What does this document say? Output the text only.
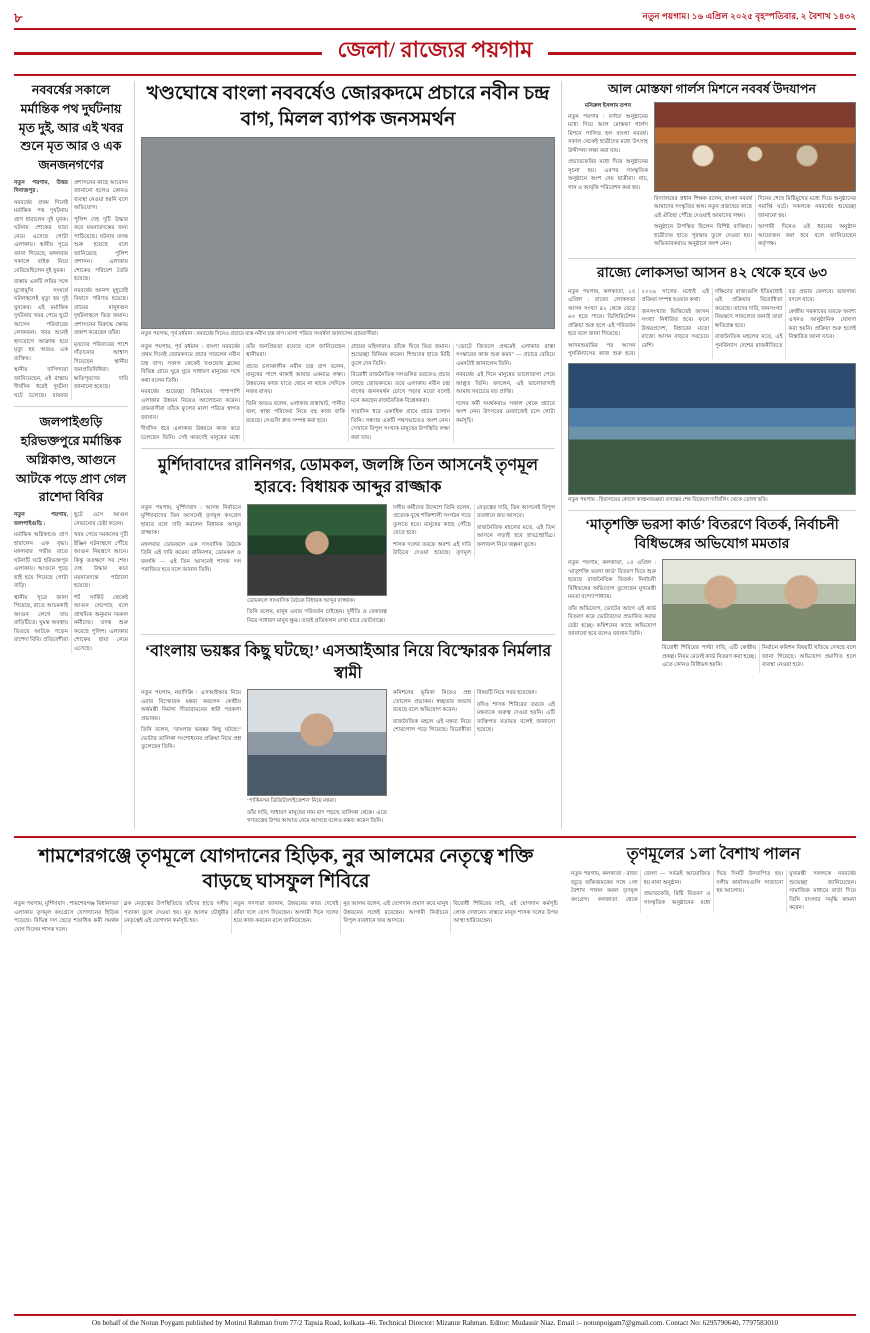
৮	নতুন পয়গাম। ১৬ এপ্রিল ২০২৫ বৃহস্পতিবার, ২ বৈশাখ ১৪৩২
জেলা/ রাজ্যের পয়গাম
নববর্ষের সকালে মর্মান্তিক পথ দুর্ঘটনায় মৃত দুই, আর এই খবর শুনে মৃত আর ও এক জনজনগণের

নতুন পয়গাম, উত্তর দিনাজপুর :

নববর্ষের প্রথম দিনেই মর্মান্তিক পথ দুর্ঘটনায় প্রাণ হারালেন দুই যুবক। ঘটনায় শোকের ছায়া নেমে এসেছে গোটা এলাকায়। স্থানীয় সূত্রে জানা গিয়েছে, মঙ্গলবার সকালে বাইক নিয়ে বেরিয়েছিলেন দুই যুবক।

রাস্তায় একটি লরির সঙ্গে মুখোমুখি সংঘর্ষে ঘটনাস্থলেই মৃত্যু হয় দুই যুবকের। এই মর্মান্তিক দুর্ঘটনার খবর পেয়ে ছুটে আসেন পরিবারের লোকজন। খবর শুনেই হৃদরোগে আক্রান্ত হয়ে মৃত্যু হয় আরও এক ব্যক্তির।

স্থানীয় বাসিন্দারা জানিয়েছেন, ওই রাস্তায় দীর্ঘদিন ধরেই দুর্ঘটনা ঘটে চলেছে। বারবার প্রশাসনের কাছে আবেদন জানানো হলেও কোনও ব্যবস্থা নেওয়া হয়নি বলে অভিযোগ।

পুলিশ দেহ দুটি উদ্ধার করে ময়নাতদন্তের জন্য পাঠিয়েছে। ঘটনার তদন্ত শুরু হয়েছে বলে জানিয়েছে পুলিশ প্রশাসন। এলাকায় শোকের পরিবেশ তৈরি হয়েছে।

নববর্ষের আনন্দ মুহূর্তেই বিষাদে পরিণত হয়েছে। গ্রামের মানুষজন দুর্ঘটনাস্থলে ভিড় জমান। প্রশাসনের বিরুদ্ধে ক্ষোভ প্রকাশ করেছেন তাঁরা।

মৃতদের পরিবারের পাশে দাঁড়ানোর আশ্বাস দিয়েছেন স্থানীয় জনপ্রতিনিধিরা। ক্ষতিপূরণের দাবি জানানো হয়েছে।

জলপাইগুড়ি হরিভক্তপুরে মর্মান্তিক অগ্নিকাণ্ড, আগুনে আটকে পড়ে প্রাণ গেল রাশেদা বিবির

নতুন পয়গাম, জলপাইগুড়ি :

মর্মান্তিক অগ্নিকাণ্ডে প্রাণ হারালেন এক বৃদ্ধা। মঙ্গলবার গভীর রাতে ঘটনাটি ঘটে হরিভক্তপুর এলাকায়। আগুনে পুড়ে ছাই হয়ে গিয়েছে গোটা বাড়ি।

স্থানীয় সূত্রে জানা গিয়েছে, রাতে আচমকাই আগুন লেগে যায় বাড়িটিতে। ঘুমন্ত অবস্থায় ভিতরে আটকে পড়েন রাশেদা বিবি। প্রতিবেশীরা ছুটে এসে আগুন নেভানোর চেষ্টা করেন।

খবর পেয়ে দমকলের দুটি ইঞ্জিন ঘটনাস্থলে পৌঁছে আগুন নিয়ন্ত্রণে আনে। কিন্তু ততক্ষণে সব শেষ। দেহ উদ্ধার করে ময়নাতদন্তে পাঠানো হয়েছে।

শর্ট সার্কিট থেকেই আগুন লেগেছে বলে প্রাথমিক অনুমান দমকল কর্মীদের। তদন্ত শুরু করেছে পুলিশ। এলাকায় শোকের ছায়া নেমে এসেছে।

খণ্ডঘোষে বাংলা নববর্ষেও জোরকদমে প্রচারে নবীন চন্দ্র বাগ, মিলল ব্যাপক জনসমর্থন
নতুন পয়গাম, পূর্ব বর্ধমান : নববর্ষের দিনেও প্রচারে ব্যস্ত নবীন চন্দ্র বাগ। মালা পরিয়ে সংবর্ধনা জানালেন গ্রামবাসীরা।

নতুন পয়গাম, পূর্ব বর্ধমান : বাংলা নববর্ষের প্রথম দিনেই জোরকদমে প্রচার সারলেন নবীন চন্দ্র বাগ। সকাল থেকেই খণ্ডঘোষ ব্লকের বিভিন্ন গ্রামে ঘুরে ঘুরে সাধারণ মানুষের সঙ্গে কথা বলেন তিনি।

নববর্ষের শুভেচ্ছা বিনিময়ের পাশাপাশি এলাকার উন্নয়ন নিয়েও আলোচনা করেন। গ্রামবাসীরা তাঁকে ফুলের মালা পরিয়ে স্বাগত জানান।

দীর্ঘদিন ধরে এলাকার উন্নয়নে কাজ করে চলেছেন তিনি। সেই কারণেই মানুষের মধ্যে তাঁর জনপ্রিয়তা রয়েছে বলে জানিয়েছেন স্থানীয়রা।

প্রচার চলাকালীন নবীন চন্দ্র বাগ বলেন, মানুষের পাশে থাকাই আমার একমাত্র লক্ষ্য। উন্নয়নের কাজ যাতে থেমে না থাকে সেদিকে নজর রাখব।

তিনি আরও বলেন, এলাকার রাস্তাঘাট, পানীয় জল, স্বাস্থ্য পরিষেবা নিয়ে বহু কাজ বাকি রয়েছে। সেগুলি দ্রুত সম্পন্ন করা হবে।

গ্রামের মহিলারাও তাঁকে ঘিরে ভিড় জমান। শুভেচ্ছা বিনিময় করেন। শিশুদের হাতে মিষ্টি তুলে দেন তিনি।

বিরোধী রাজনৈতিক দলগুলির তরফেও প্রচার চলছে জোরকদমে। তবে এলাকায় নবীন চন্দ্র বাগের জনসমর্থন চোখে পড়ার মতো বলেই মনে করছেন রাজনৈতিক বিশ্লেষকরা।

সারাদিন ধরে একাধিক গ্রামে প্রচার চালান তিনি। সন্ধ্যায় একটি পথসভাতেও অংশ নেন। সেখানে বিপুল সংখ্যক মানুষের উপস্থিতি লক্ষ্য করা যায়।

"ভোটে জিতলে প্রথমেই এলাকার রাস্তা সংস্কারের কাজ শুরু করব" — প্রচারে বেরিয়ে এমনটাই জানালেন তিনি।

নববর্ষের এই দিনে মানুষের ভালোবাসা পেয়ে আপ্লুত তিনি। বললেন, এই ভালোবাসাই আমার সবচেয়ে বড় প্রাপ্তি।

দলের কর্মী সমর্থকরাও সকাল থেকে প্রচারে অংশ নেন। উৎসবের মেজাজেই চলে গোটা কর্মসূচি।

মুর্শিদাবাদের রানিনগর, ডোমকল, জলঙ্গি তিন আসনেই তৃণমূল হারবে: বিধায়ক আব্দুর রাজ্জাক

নতুন পয়গাম, মুর্শিদাবাদ : আসন্ন নির্বাচনে মুর্শিদাবাদের তিন আসনেই তৃণমূল কংগ্রেস হারবে বলে দাবি করলেন বিধায়ক আব্দুর রাজ্জাক।

মঙ্গলবার ডোমকলে এক সাংবাদিক বৈঠকে তিনি এই দাবি করেন। রানিনগর, ডোমকল ও জলঙ্গি — এই তিন আসনেই শাসক দল পরাজিত হবে বলে জানান তিনি।

ডোমকলে সাংবাদিক বৈঠকে বিধায়ক আব্দুর রাজ্জাক।

তিনি বলেন, মানুষ এবার পরিবর্তন চাইছেন। দুর্নীতি ও বেকারত্ব নিয়ে সাধারণ মানুষ ক্ষুব্ধ। তারই প্রতিফলন দেখা যাবে ভোটবাক্সে।

দলীয় কর্মীদের উদ্দেশে তিনি বলেন, প্রত্যেক বুথে শক্তিশালী সংগঠন গড়ে তুলতে হবে। মানুষের কাছে পৌঁছে যেতে হবে।

শাসক দলের তরফে অবশ্য এই দাবি উড়িয়ে দেওয়া হয়েছে। তৃণমূল নেতৃত্বের দাবি, তিন আসনেই বিপুল ব্যবধানে জয় আসবে।

রাজনৈতিক মহলের মতে, এই তিন আসনে লড়াই হবে হাড্ডাহাড্ডি। ফলাফল নিয়ে জল্পনা তুঙ্গে।

‘বাংলায় ভয়ঙ্কর কিছু ঘটছে!’ এসআইআর নিয়ে বিস্ফোরক নির্মলার স্বামী

নতুন পয়গাম, নয়াদিল্লি : এসআইআর নিয়ে এবার বিস্ফোরক মন্তব্য করলেন কেন্দ্রীয় অর্থমন্ত্রী নির্মলা সীতারামনের স্বামী পরকলা প্রভাকর।

তিনি বলেন, "বাংলায় ভয়ঙ্কর কিছু ঘটছে।" ভোটার তালিকা সংশোধনের প্রক্রিয়া নিয়ে প্রশ্ন তুলেছেন তিনি।

‘পার্কিনসন ডিজিটালাইজেশন’ নিয়ে মন্তব্য।

তাঁর দাবি, সাধারণ মানুষের নাম বাদ পড়ছে তালিকা থেকে। এতে গণতন্ত্রের উপর আঘাত নেমে আসছে বলেও মন্তব্য করেন তিনি।

কমিশনের ভূমিকা নিয়েও প্রশ্ন তোলেন প্রভাকর। স্বচ্ছতার অভাব রয়েছে বলে অভিযোগ করেন।

রাজনৈতিক মহলে এই মন্তব্য নিয়ে শোরগোল পড়ে গিয়েছে। বিরোধীরা বিষয়টি নিয়ে সরব হয়েছেন।

যদিও শাসক শিবিরের তরফে এই মন্তব্যকে গুরুত্ব দেওয়া হয়নি। এটি ব্যক্তিগত মতামত বলেই জানানো হয়েছে।

আল মোস্তফা গার্লস মিশনে নববর্ষ উদযাপন
মনিরুল ইসলাম তপন

নতুন পয়গাম : বর্ণাঢ্য অনুষ্ঠানের মধ্যে দিয়ে আল মোস্তফা গার্লস মিশনে পালিত হল বাংলা নববর্ষ। সকাল থেকেই ছাত্রীদের মধ্যে উৎসাহ উদ্দীপনা লক্ষ্য করা যায়।

প্রভাতফেরির মধ্যে দিয়ে অনুষ্ঠানের সূচনা হয়। এরপর সাংস্কৃতিক অনুষ্ঠানে অংশ নেয় ছাত্রীরা। নাচ, গান ও আবৃত্তি পরিবেশন করা হয়।

বিদ্যালয়ের প্রধান শিক্ষক বলেন, বাংলা নববর্ষ আমাদের সংস্কৃতির অঙ্গ। নতুন প্রজন্মের কাছে এই ঐতিহ্য পৌঁছে দেওয়াই আমাদের লক্ষ্য।

অনুষ্ঠানে উপস্থিত ছিলেন বিশিষ্ট ব্যক্তিরা। ছাত্রীদের হাতে পুরস্কার তুলে দেওয়া হয়। অভিভাবকরাও অনুষ্ঠানে অংশ নেন।

দিনের শেষে মিষ্টিমুখের মধ্যে দিয়ে অনুষ্ঠানের সমাপ্তি ঘটে। সকলকে নববর্ষের শুভেচ্ছা জানানো হয়।

আগামী দিনেও এই ধরনের অনুষ্ঠান আয়োজন করা হবে বলে জানিয়েছেন কর্তৃপক্ষ।

রাজ্যে লোকসভা আসন ৪২ থেকে হবে ৬৩

নতুন পয়গাম, কলকাতা, ১৫ এপ্রিল : রাজ্যে লোকসভা আসন সংখ্যা ৪২ থেকে বেড়ে ৬৩ হতে পারে। ডিলিমিটেশন প্রক্রিয়া শুরু হলে এই পরিবর্তন হবে বলে জানা গিয়েছে।

আদমশুমারির পর আসন পুনর্বিন্যাসের কাজ শুরু হবে। ২০২৬ সালের মধ্যেই এই প্রক্রিয়া সম্পন্ন হওয়ার কথা।

জনসংখ্যার ভিত্তিতেই আসন সংখ্যা নির্ধারিত হবে। ফলে উত্তরপ্রদেশ, বিহারের মতো রাজ্যে আসন বাড়বে সবচেয়ে বেশি।

দক্ষিণের রাজ্যগুলি ইতিমধ্যেই এই প্রক্রিয়ার বিরোধিতা করেছে। তাদের দাবি, জনসংখ্যা নিয়ন্ত্রণে সাফল্যের জন্যই তারা ক্ষতিগ্রস্ত হবে।

রাজনৈতিক মহলের মতে, এই পুনর্বিন্যাস দেশের রাজনীতিতে বড় প্রভাব ফেলবে। ভারসাম্য বদলে যাবে।

কেন্দ্রীয় সরকারের তরফে অবশ্য এখনও আনুষ্ঠানিক ঘোষণা করা হয়নি। প্রক্রিয়া শুরু হলেই বিস্তারিত জানা যাবে।

নতুন পয়গাম : হিমালয়ের কোলে কাঞ্চনজঙ্ঘা। বসন্তের শেষ বিকেলে দার্জিলিং থেকে তোলা ছবি।
‘মাতৃশক্তি ভরসা কার্ড’ বিতরণে বিতর্ক, নির্বাচনী বিধিভঙ্গের অভিযোগ মমতার

নতুন পয়গাম, কলকাতা, ১৫ এপ্রিল : ‘মাতৃশক্তি ভরসা কার্ড’ বিতরণ ঘিরে শুরু হয়েছে রাজনৈতিক বিতর্ক। নির্বাচনী বিধিভঙ্গের অভিযোগ তুলেছেন মুখ্যমন্ত্রী মমতা বন্দ্যোপাধ্যায়।

তাঁর অভিযোগ, ভোটের আগে এই কার্ড বিতরণ করে ভোটারদের প্রভাবিত করার চেষ্টা হচ্ছে। কমিশনের কাছে অভিযোগ জানানো হবে বলেও জানান তিনি।

বিরোধী শিবিরের পাল্টা দাবি, এটি কেন্দ্রীয় প্রকল্প। নিয়ম মেনেই কার্ড বিতরণ করা হচ্ছে। এতে কোনও বিধিভঙ্গ হয়নি।

নির্বাচন কমিশন বিষয়টি খতিয়ে দেখছে বলে জানা গিয়েছে। অভিযোগ প্রমাণিত হলে ব্যবস্থা নেওয়া হবে।

শামশেরগঞ্জে তৃণমূলে যোগদানের হিড়িক, নুর আলমের নেতৃত্বে শক্তি বাড়ছে ঘাসফুল শিবিরে

নতুন পয়গাম, মুর্শিদাবাদ : শামশেরগঞ্জ বিধানসভা এলাকায় তৃণমূল কংগ্রেসে যোগদানের হিড়িক পড়েছে। বিভিন্ন দল ছেড়ে শতাধিক কর্মী সমর্থক যোগ দিলেন শাসক দলে।

ব্লক নেতৃত্বের উপস্থিতিতে তাঁদের হাতে দলীয় পতাকা তুলে দেওয়া হয়। নুর আলম চৌধুরীর নেতৃত্বেই এই যোগদান কর্মসূচি হয়।

নতুন সদস্যরা জানান, উন্নয়নের কাজ দেখেই তাঁরা দলে যোগ দিয়েছেন। আগামী দিনে দলের হয়ে কাজ করবেন বলে জানিয়েছেন।

নুর আলম বলেন, এই যোগদান প্রমাণ করে মানুষ উন্নয়নের সঙ্গেই রয়েছেন। আগামী নির্বাচনে বিপুল ব্যবধানে জয় আসবে।

বিরোধী শিবিরের দাবি, এই যোগদান কর্মসূচি লোক দেখানো। বাস্তবে মানুষ শাসক দলের উপর আস্থা হারিয়েছেন।

তৃণমূলের ১লা বৈশাখ পালন

নতুন পয়গাম, কলকাতা : রাজ্য জুড়ে জাঁকজমকের সঙ্গে ১লা বৈশাখ পালন করল তৃণমূল কংগ্রেস। কলকাতা থেকে জেলা — সর্বত্রই আয়োজিত হয় নানা অনুষ্ঠান।

প্রভাতফেরি, মিষ্টি বিতরণ ও সাংস্কৃতিক অনুষ্ঠানের মধ্যে দিয়ে দিনটি উদযাপিত হয়। দলীয় কার্যালয়গুলি সাজানো হয় আলোয়।

মুখ্যমন্ত্রী সকলকে নববর্ষের শুভেচ্ছা জানিয়েছেন। সামাজিক মাধ্যমে বার্তা দিয়ে তিনি বাংলার সমৃদ্ধি কামনা করেন।

On behalf of the Notun Poygam published by Motirul Rahman from 77/2 Tapsia Road, kolkata–46. Technical Director: Mizanur Rahman. Editor: Mudassir Niaz. Email :– notunpoigam7@gmail.com. Contact No: 6295790640, 7797583010
